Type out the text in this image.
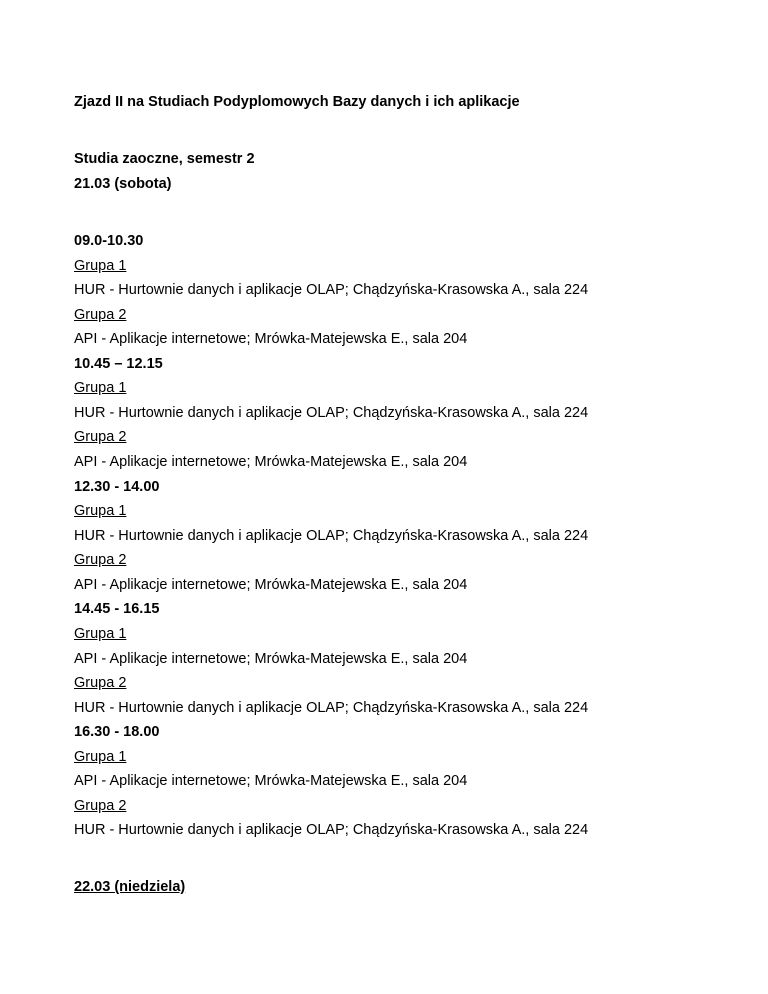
Zjazd II na Studiach Podyplomowych Bazy danych i ich aplikacje
Studia zaoczne, semestr 2
21.03 (sobota)
09.0-10.30
Grupa 1
HUR - Hurtownie danych i aplikacje OLAP; Chądzyńska-Krasowska A., sala 224
Grupa 2
API - Aplikacje internetowe; Mrówka-Matejewska E., sala 204
10.45 – 12.15
Grupa 1
HUR - Hurtownie danych i aplikacje OLAP; Chądzyńska-Krasowska A., sala 224
Grupa 2
API - Aplikacje internetowe; Mrówka-Matejewska E., sala 204
12.30 - 14.00
Grupa 1
HUR - Hurtownie danych i aplikacje OLAP; Chądzyńska-Krasowska A., sala 224
Grupa 2
API - Aplikacje internetowe; Mrówka-Matejewska E., sala 204
14.45 - 16.15
Grupa 1
API - Aplikacje internetowe; Mrówka-Matejewska E., sala 204
Grupa 2
HUR - Hurtownie danych i aplikacje OLAP; Chądzyńska-Krasowska A., sala 224
16.30 - 18.00
Grupa 1
API - Aplikacje internetowe; Mrówka-Matejewska E., sala 204
Grupa 2
HUR - Hurtownie danych i aplikacje OLAP; Chądzyńska-Krasowska A., sala 224
22.03 (niedziela)
